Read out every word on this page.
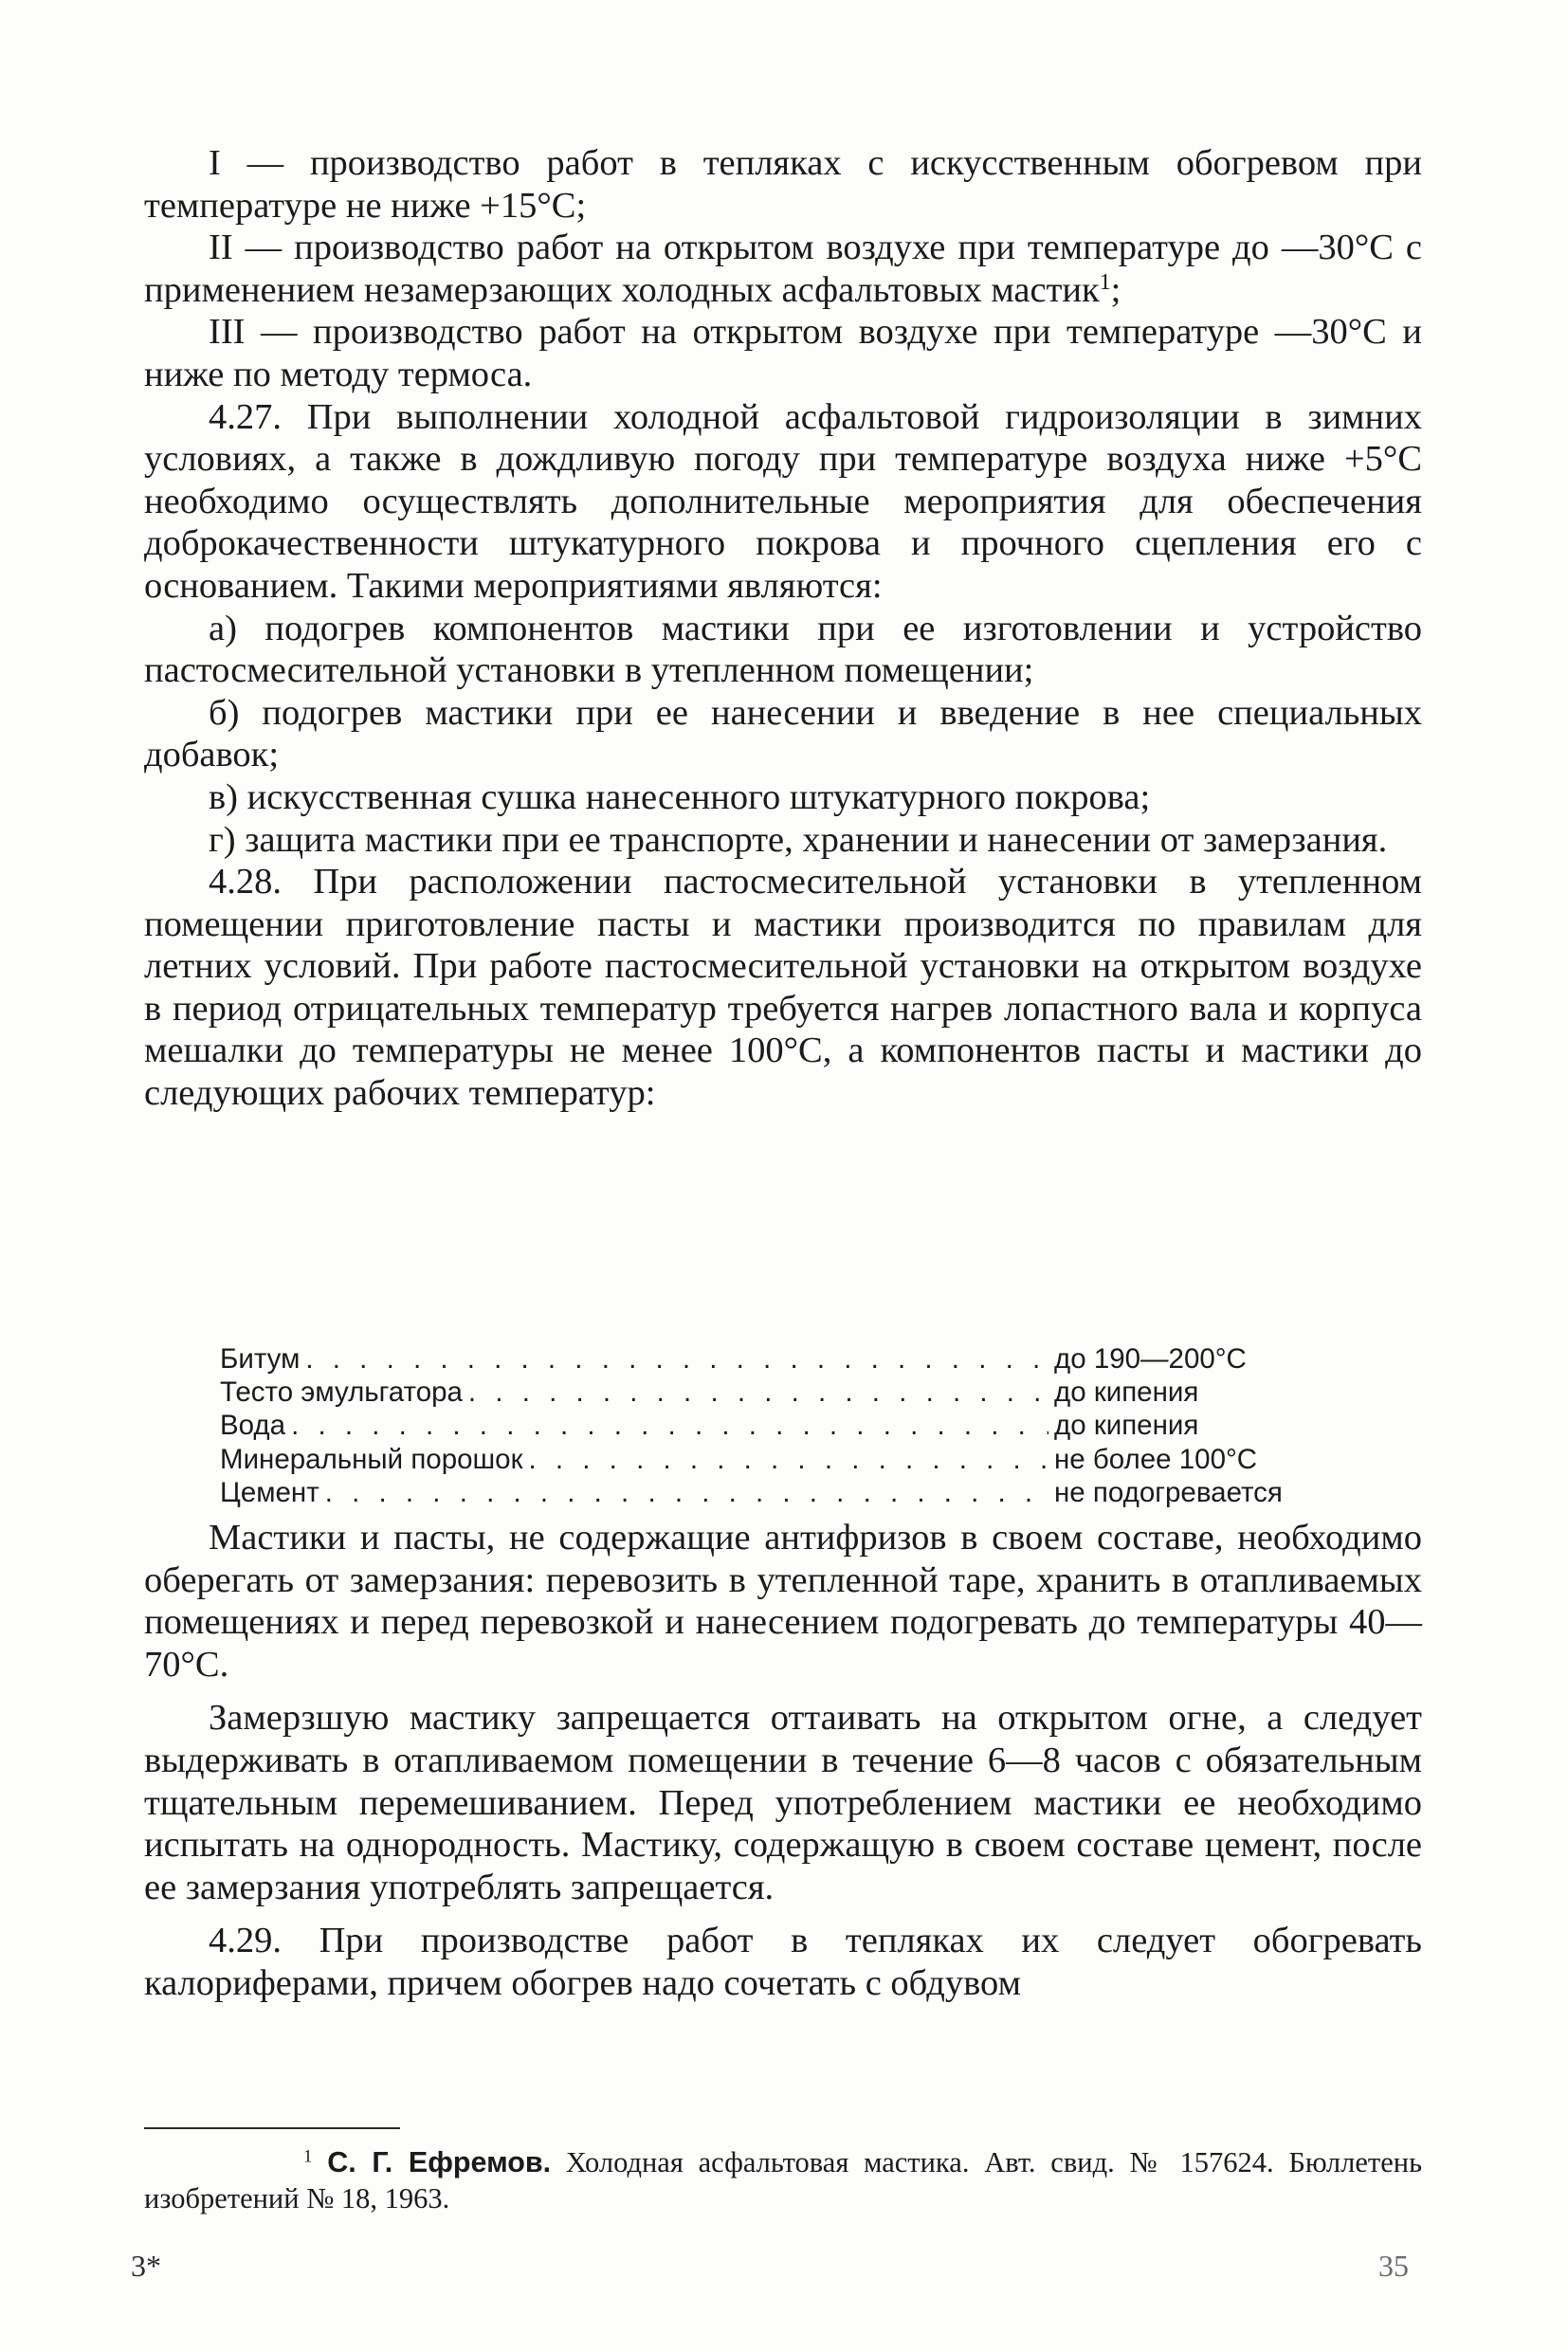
I — производство работ в тепляках с искусственным обогревом при температуре не ниже +15°C;

II — производство работ на открытом воздухе при температуре до —30°C с применением незамерзающих холодных асфальтовых мастик$^1$;

III — производство работ на открытом воздухе при температуре —30°C и ниже по методу термоса.

4.27. При выполнении холодной асфальтовой гидроизоляции в зимних условиях, а также в дождливую погоду при температуре воздуха ниже +5°C необходимо осуществлять дополнительные мероприятия для обеспечения доброкачественности штукатурного покрова и прочного сцепления его с основанием. Такими мероприятиями являются:

а) подогрев компонентов мастики при ее изготовлении и устройство пастосмесительной установки в утепленном помещении;

б) подогрев мастики при ее нанесении и введение в нее специальных добавок;

в) искусственная сушка нанесенного штукатурного покрова;

г) защита мастики при ее транспорте, хранении и нанесении от замерзания.

4.28. При расположении пастосмесительной установки в утепленном помещении приготовление пасты и мастики производится по правилам для летних условий. При работе пастосмесительной установки на открытом воздухе в период отрицательных температур требуется нагрев лопастного вала и корпуса мешалки до температуры не менее 100°C, а компонентов пасты и мастики до следующих рабочих температур:

Битум . . .	до 190—200°C
Тесто эмульгатора . . .	до кипения
Вода . . .	до кипения
Минеральный порошок . . .	не более 100°C
Цемент . . .	не подогревается

Мастики и пасты, не содержащие антифризов в своем составе, необходимо оберегать от замерзания: перевозить в утепленной таре, хранить в отапливаемых помещениях и перед перевозкой и нанесением подогревать до температуры 40—70°C.

Замерзшую мастику запрещается оттаивать на открытом огне, а следует выдерживать в отапливаемом помещении в течение 6—8 часов с обязательным тщательным перемешиванием. Перед употреблением мастики ее необходимо испытать на однородность. Мастику, содержащую в своем составе цемент, после ее замерзания употреблять запрещается.

4.29. При производстве работ в тепляках их следует обогревать калориферами, причем обогрев надо сочетать с обдувом

$^1$ С. Г. Ефремов. Холодная асфальтовая мастика. Авт. свид. № 157624. Бюллетень изобретений № 18, 1963.
3*	35
